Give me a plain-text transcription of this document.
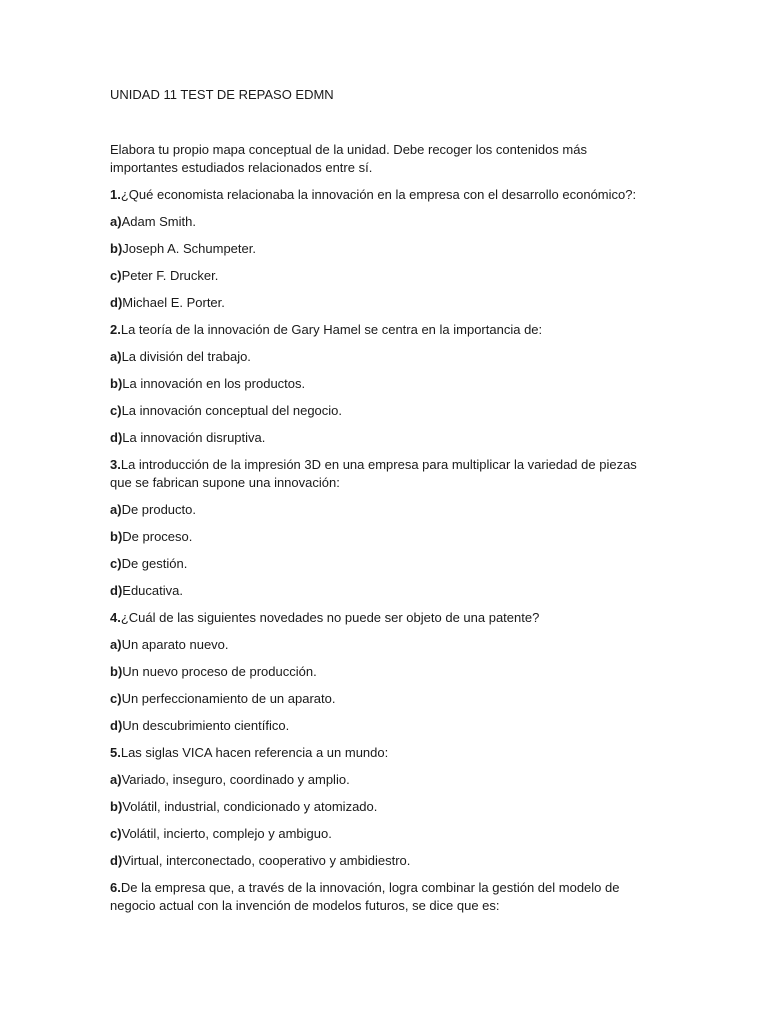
UNIDAD 11 TEST DE REPASO EDMN

Elabora tu propio mapa conceptual de la unidad. Debe recoger los contenidos más importantes estudiados relacionados entre sí.

1.¿Qué economista relacionaba la innovación en la empresa con el desarrollo económico?:

a)Adam Smith.

b)Joseph A. Schumpeter.

c)Peter F. Drucker.

d)Michael E. Porter.

2.La teoría de la innovación de Gary Hamel se centra en la importancia de:

a)La división del trabajo.

b)La innovación en los productos.

c)La innovación conceptual del negocio.

d)La innovación disruptiva.

3.La introducción de la impresión 3D en una empresa para multiplicar la variedad de piezas que se fabrican supone una innovación:

a)De producto.

b)De proceso.

c)De gestión.

d)Educativa.

4.¿Cuál de las siguientes novedades no puede ser objeto de una patente?

a)Un aparato nuevo.

b)Un nuevo proceso de producción.

c)Un perfeccionamiento de un aparato.

d)Un descubrimiento científico.

5.Las siglas VICA hacen referencia a un mundo:

a)Variado, inseguro, coordinado y amplio.

b)Volátil, industrial, condicionado y atomizado.

c)Volátil, incierto, complejo y ambiguo.

d)Virtual, interconectado, cooperativo y ambidiestro.

6.De la empresa que, a través de la innovación, logra combinar la gestión del modelo de negocio actual con la invención de modelos futuros, se dice que es:
